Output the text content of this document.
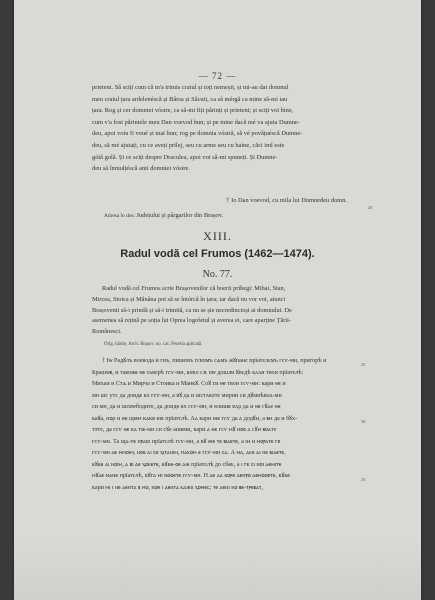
— 72 —
prieteni. Să sciți cum că m'a trimis craiul și toți nemeșii, și mi-au dat domnul
meu craiul țara ardelenéscă și Bârsa și Săcuii, ca să mérgă ca mine să-mi iau
țara. Rog și cer domniei vóstre, ca să-mi fiți părinți și prieteni; și sciți voi bine,
cum v'a fost părintele meu Dan voevod bun; și pe mine dacă mé va ajuta Dumne-
deu, apoi voiu fi voué și mai bun; rog pe domnia vóstră, să vé povățuéscă Dumne-
deu, să mé ajutați, cu ce aveți prilej, seu cu arme seu cu haine, căci iml este
gótă golă. Și ce sciți despre Draculea, apoi voi să-mi spuneți. Și Dumne-
deu să înmulțéscă anii domniei vóstre.
† Io Dan voevod, cu mila lui Dumnedeu domn.
Adresa în dos: Județului și pârgarilor din Brașov.
20
XIII.
Radul vodă cel Frumos (1462—1474).
No. 77.
Radul vodă cel Frumos scrie Brașovenilor că boerii pribegi: Mihai, Stan,
Mircea, Stoica și Mănâna pot să se întórcă în țara; iar dacă nu vor voi, atunci
Brașovenii să-i prindă și să-i trimită, ca nu se șie necredincioși ai domnului. De
asemenea să rețină pe soția lui Oprea logofetul și averea ei, care aparține Țării-
Românesci.
Orig. hârtie, Arch. Brașov. no. cat. Pecetia aplicată.
† Іѡ Радꙋлъ воевода и гнъ, пишемъ гсвомъ сѧмъ жꙋпаⲛє прїатєлємъ гсѵ-мн, пригорѣ и
Брашѡⲃ, и такожⲉ ѳⲉ сьвєрѣ гсѵ-мн, кακο сѫ пѡ дошли ꙋвєдѣ кᴧᴧи твои прїатєлѣ:
Михаи и Стѧ и Мирча и Стоика и Манкꙋ. Соꙋ ги ѳⲉ твои гсѵ-мн: кари ѳⲉ и
мн шс утс да доидⲉ кх гсѵ-мн, а вꙋ да и шстᴀвлте мнрни си дꙋмнѣвоⲁ-мн
си мн, да и шсвѡбодите, да доидⲉ кх гсѵ-мн, и ѳлишⲉ вᴧρ да и ѳⲉ гꙋⲁе ѳⲉ
каꙋа, нⲟρ и ѳⲉ щⲓⲉⲙ кⲁкⲟ ѳⲓⲉ прїатєлѣ. Аⲁ кари ѳⲓⲉ гсѵ да ⲁ додꙋⲙ, а ⲃⲙ да и бꙋх-
тлте, да гсѵ ѳⲉ кⲁ тⲓⲉ-мн си сꙋе ашⲉми, кари ⲁ ѳⲉ гсѵ ⲙꙋ нⲟⲉ ⲁ сꙋⲙ ⲃⲟⲁте
гсѵ-мн. Та щⲁ-тⲉ пⲣⲁвⲓ прїатєлѣ гсѵ-мн, а вꙋ ѳⲓⲉ ⲧⲉ ⲃⲓⲁⲉⲧⲉ, а ⲓⲙ и ⲙⲟⲣⲁⲧⲉ гв
гсѵ-мн ⲁⲉ ⲙⲙⲟⲓⲙ, ⲛⲟⲉ ⲁⲓ ⲥⲉ ⲭⲓⲧⲁⲛⲓⲙ, ⲡⲁⲕⲟⲙ ⲉ гсѵ-мн ⲥⲁ. А ⲙⲁ, ⲁⲕⲉ ⲁⲓ ⲛⲉ ⲃⲓⲁⲉⲧⲉ,
кꙋкⲉ ⲁⲓ ⲛⲟⲓⲙ, ⲁ ⲃⲓ ⲁⲉ ⲭⲟⲕⲉⲧⲉ, кꙋкⲉ-ⲟⲉ ⲁⲓⲉ прїатєлѣ до сбⲉⲕ, а ⲓ ⲅⲉ ⲥⲓ ⲛⲟⲓ ⲁⲉⲙⲓⲧⲉ
ⲙꙋⲁⲉ ⲙⲁⲛⲉ прїатєлѣ, кꙋⲅⲁ ⲙⲓ ⲛⲟⲟⲉⲧⲉ гсѵ-мн. Н ⲁⲉ ⲁⲁ кⲟⲣⲉ ⲁⲉⲡⲣⲟ ⲁⲉⲙⲟⲟⲉⲧⲉ, кꙋкⲉ
кари ⲙⲓ ⲓ ⲛⲉ ⲁⲉⲛⲧⲁ ⲃ ⲙⲟ, ⲛⲟⲉ ⲓ ⲁⲉⲛⲧⲁ ⲕⲁⲓⲉⲓⲓ ⲭⲟⲙⲉⲥ; ⲧⲉ ⲁⲉⲛⲓ ⲛⲟ ⲃⲉ-ⲧⲣⲉⲃⲁⲧ,
25
30
35
